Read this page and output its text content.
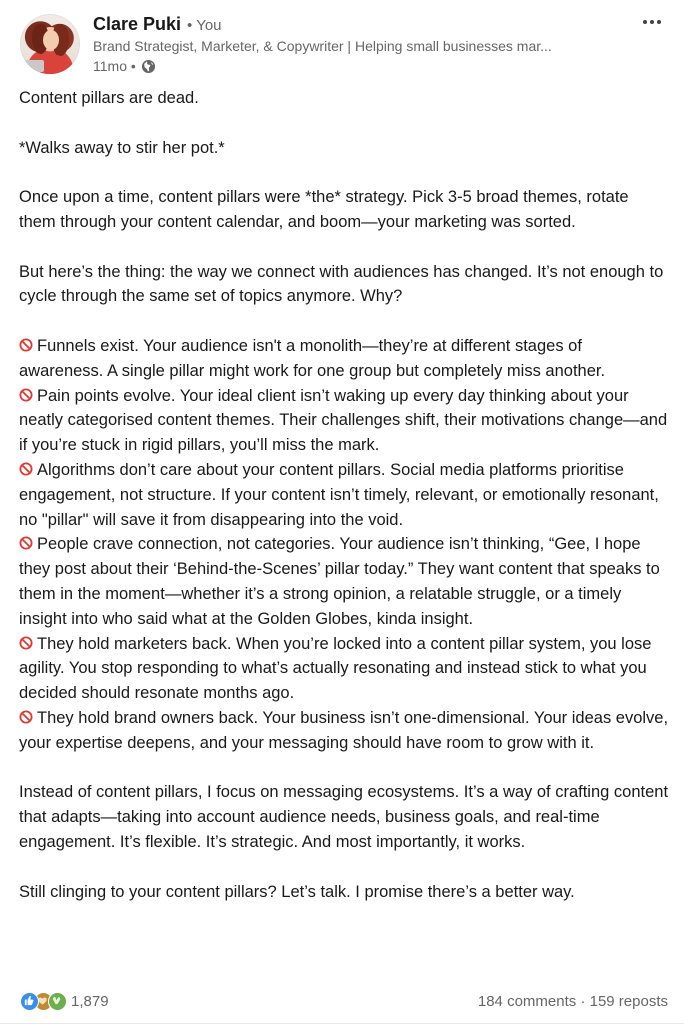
Clare Puki • You
Brand Strategist, Marketer, & Copywriter | Helping small businesses mar...
11mo •

Content pillars are dead.

*Walks away to stir her pot.*

Once upon a time, content pillars were *the* strategy. Pick 3-5 broad themes, rotate them through your content calendar, and boom—your marketing was sorted.

But here’s the thing: the way we connect with audiences has changed. It’s not enough to cycle through the same set of topics anymore. Why?

Funnels exist. Your audience isn't a monolith—they’re at different stages of awareness. A single pillar might work for one group but completely miss another.

Pain points evolve. Your ideal client isn’t waking up every day thinking about your neatly categorised content themes. Their challenges shift, their motivations change—and if you’re stuck in rigid pillars, you’ll miss the mark.

Algorithms don’t care about your content pillars. Social media platforms prioritise engagement, not structure. If your content isn’t timely, relevant, or emotionally resonant, no "pillar" will save it from disappearing into the void.

People crave connection, not categories. Your audience isn’t thinking, “Gee, I hope they post about their ‘Behind-the-Scenes’ pillar today.” They want content that speaks to them in the moment—whether it’s a strong opinion, a relatable struggle, or a timely insight into who said what at the Golden Globes, kinda insight.

They hold marketers back. When you’re locked into a content pillar system, you lose agility. You stop responding to what’s actually resonating and instead stick to what you decided should resonate months ago.

They hold brand owners back. Your business isn’t one-dimensional. Your ideas evolve, your expertise deepens, and your messaging should have room to grow with it.

Instead of content pillars, I focus on messaging ecosystems. It’s a way of crafting content that adapts—taking into account audience needs, business goals, and real-time engagement. It’s flexible. It’s strategic. And most importantly, it works.

Still clinging to your content pillars? Let’s talk. I promise there’s a better way.

1,879	184 comments · 159 reposts
